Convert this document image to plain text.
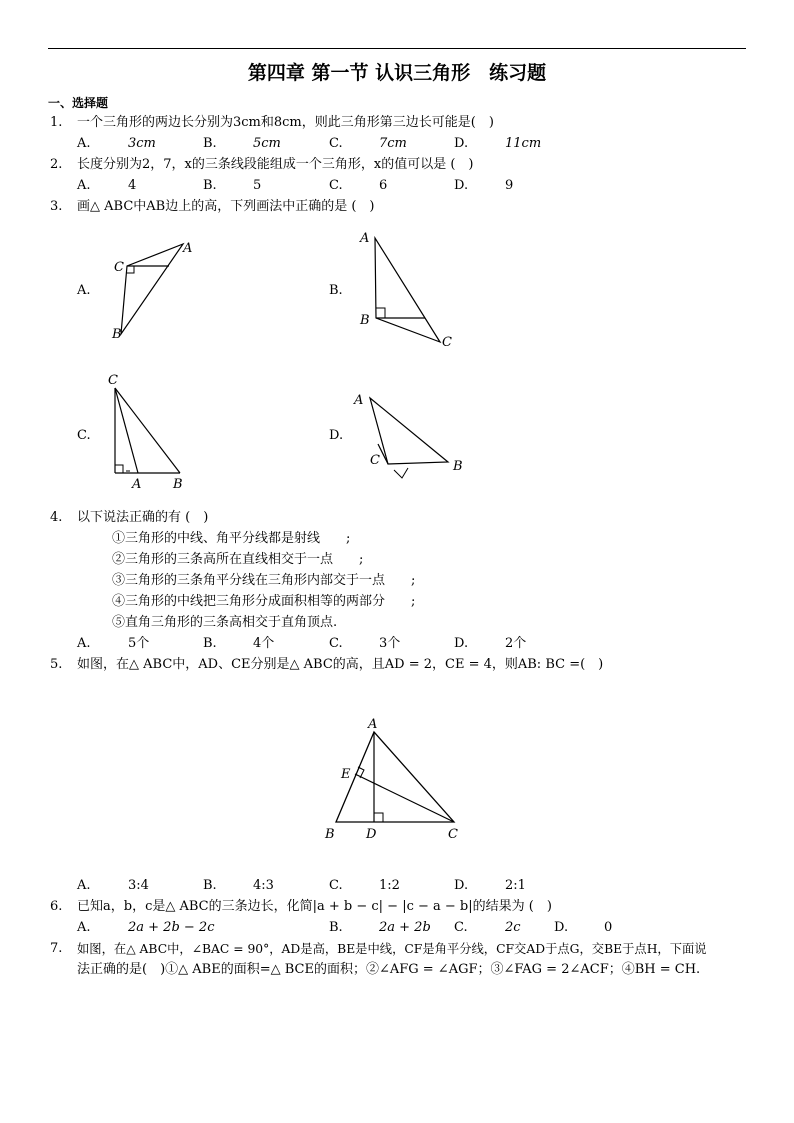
第四章 第一节 认识三角形　练习题
一、选择题
1. 一个三角形的两边长分别为3cm和8cm，则此三角形第三边长可能是(　)
A.	3cm	B.	5cm	C.	7cm	D.	11cm
2. 长度分别为2，7，x的三条线段能组成一个三角形，x的值可以是 (　)
A.	4	B.	5	C.	6	D.	9
3. 画△ ABC中AB边上的高，下列画法中正确的是 (　)
A.
A
C
B
B.
A
B
C
C.
C
A B
D.
A
C	B
4. 以下说法正确的有 (　)
①三角形的中线、角平分线都是射线　　;
②三角形的三条高所在直线相交于一点　　;
③三角形的三条角平分线在三角形内部交于一点　　;
④三角形的中线把三角形分成面积相等的两部分　　;
⑤直角三角形的三条高相交于直角顶点.
A.	5个	B.	4个	C.	3个	D.	2个
5. 如图，在△ ABC中，AD、CE分别是△ ABC的高，且AD = 2，CE = 4，则AB: BC =(　)
A
E
B D	C
A.	3:4	B.	4:3	C.	1:2	D.	2:1
6. 已知a，b，c是△ ABC的三条边长，化简|a + b − c| − |c − a − b|的结果为 (　)
A.	2a + 2b − 2c	B.	2a + 2b C.	2c	D.	0
7. 如图，在△ ABC中，∠BAC = 90°，AD是高，BE是中线，CF是角平分线，CF交AD于点G，交BE于点H，下面说
法正确的是(　)①△ ABE的面积=△ BCE的面积；②∠AFG = ∠AGF；③∠FAG = 2∠ACF；④BH = CH.
